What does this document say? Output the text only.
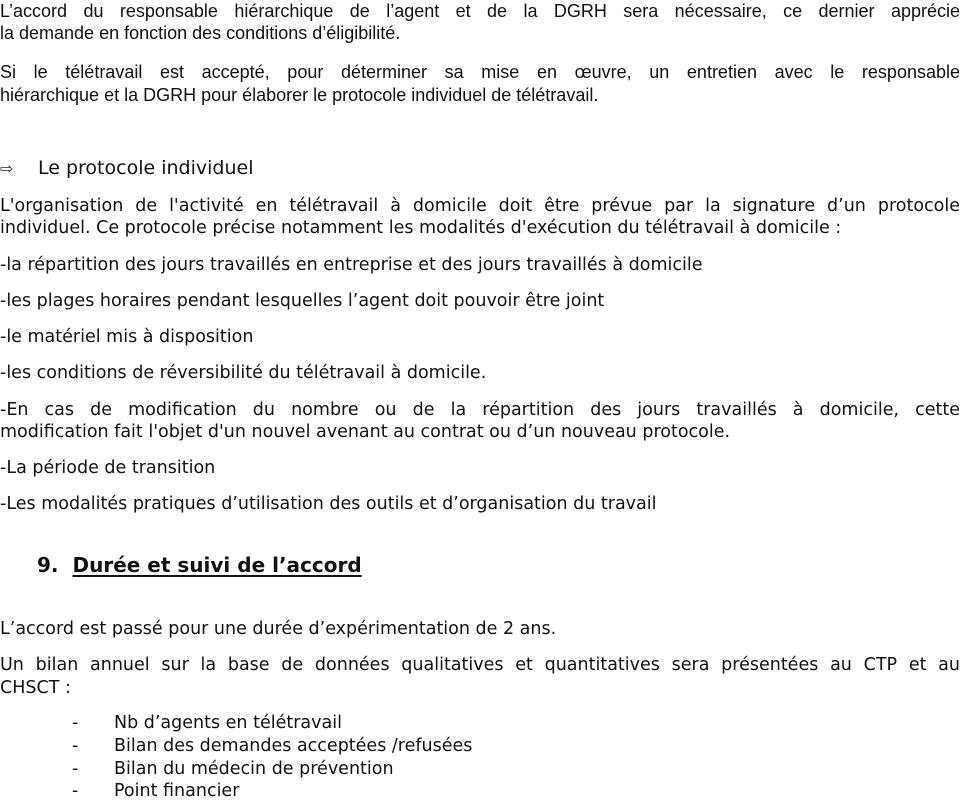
L’accord du responsable hiérarchique de l’agent et de la DGRH sera nécessaire, ce dernier apprécie
la demande en fonction des conditions d’éligibilité.
Si le télétravail est accepté, pour déterminer sa mise en œuvre, un entretien avec le responsable
hiérarchique et la DGRH pour élaborer le protocole individuel de télétravail.
⇨ Le protocole individuel
L'organisation de l'activité en télétravail à domicile doit être prévue par la signature d’un protocole
individuel. Ce protocole précise notamment les modalités d'exécution du télétravail à domicile :
-la répartition des jours travaillés en entreprise et des jours travaillés à domicile
-les plages horaires pendant lesquelles l’agent doit pouvoir être joint
-le matériel mis à disposition
-les conditions de réversibilité du télétravail à domicile.
-En cas de modification du nombre ou de la répartition des jours travaillés à domicile, cette
modification fait l'objet d'un nouvel avenant au contrat ou d’un nouveau protocole.
-La période de transition
-Les modalités pratiques d’utilisation des outils et d’organisation du travail
9. Durée et suivi de l’accord
L’accord est passé pour une durée d’expérimentation de 2 ans.
Un bilan annuel sur la base de données qualitatives et quantitatives sera présentées au CTP et au
CHSCT :
- Nb d’agents en télétravail
- Bilan des demandes acceptées /refusées
- Bilan du médecin de prévention
- Point financier
